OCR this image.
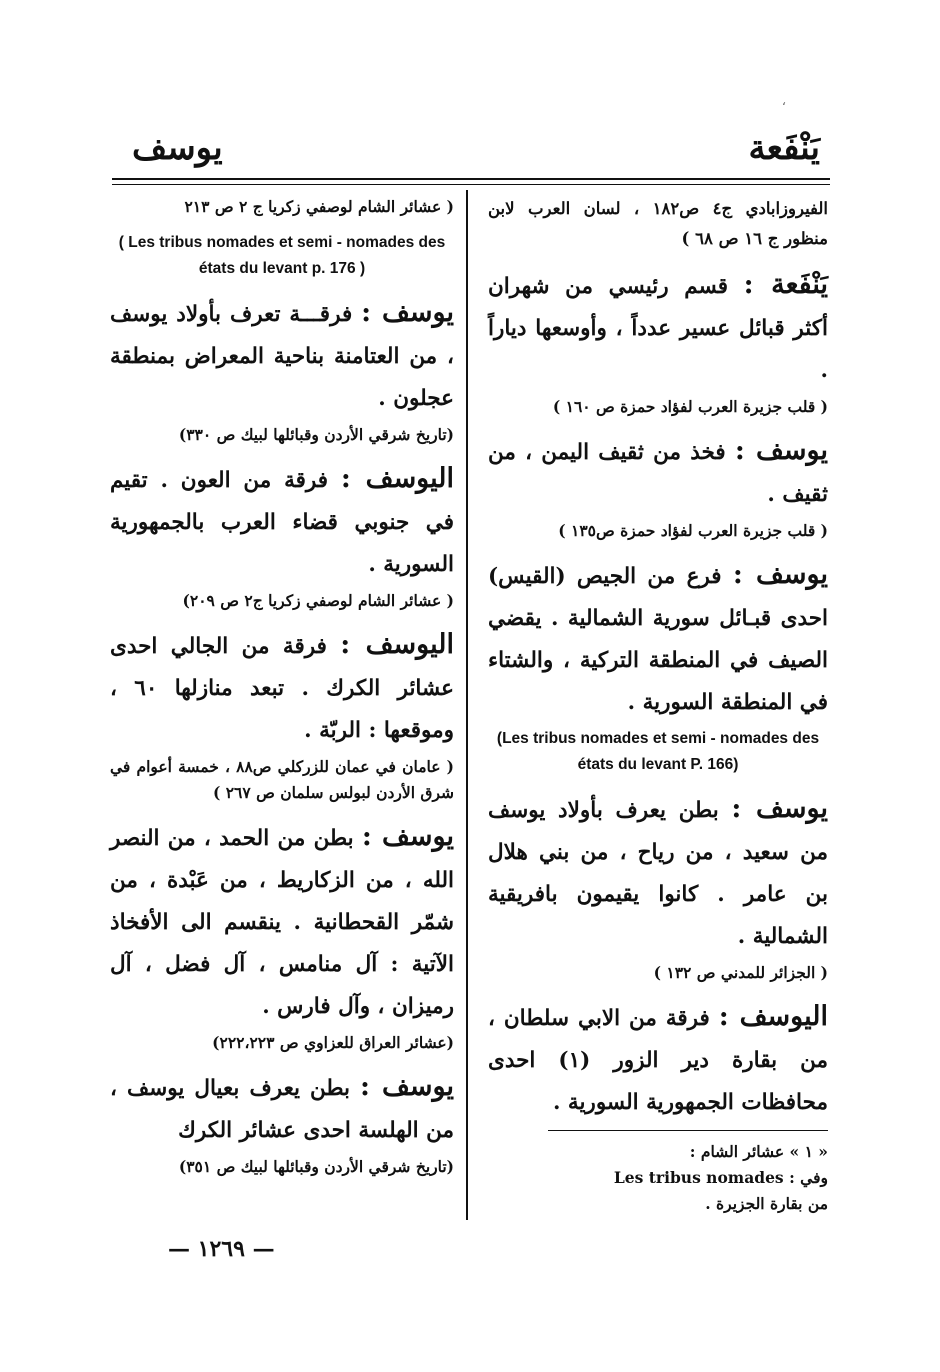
ʻ
يَنْفَعة
يوسف
الفيروزابادي ج٤ ص١٨٢ ، لسان العرب لابن منظور ج ١٦ ص ٦٨ )
يَنْفَعة : قسم رئيسي من شهران أكثر قبائل عسير عدداً ، وأوسعها دياراً .
( قلب جزيرة العرب لفؤاد حمزة ص ١٦٠ )
يوسف : فخذ من ثقيف اليمن ، من ثقيف .
( قلب جزيرة العرب لفؤاد حمزة ص١٣٥ )
يوسف : فرع من الجيص (القيس) احدى قبـائل سورية الشمالية . يقضي الصيف في المنطقة التركية ، والشتاء في المنطقة السورية .
(Les tribus nomades et semi - nomades des états du levant P. 166)
يوسف : بطن يعرف بأولاد يوسف من سعيد ، من رياح ، من بني هلال بن عامر . كانوا يقيمون بافريقية الشمالية .
( الجزائر للمدني ص ١٣٢ )
اليوسف : فرقة من الابي سلطان ، من بقارة دير الزور (١) احدى محافظات الجمهورية السورية .
« ١ » عشائر الشام :
وفي : Les tribus nomades
من بقارة الجزيرة .
( عشائر الشام لوصفي زكريا ج ٢ ص ٢١٣
( Les tribus nomades et semi - nomades des états du levant p. 176 )
يوسف : فرقـــة تعرف بأولاد يوسف ، من العتامنة بناحية المعراض بمنطقة عجلون .
(تاريخ شرقي الأردن وقبائلها لبيك ص ٣٣٠)
اليوسف : فرقة من العون . تقيم في جنوبي قضاء العرب بالجمهورية السورية .
( عشائر الشام لوصفي زكريا ج٢ ص ٢٠٩)
اليوسف : فرقة من الجالي احدى عشائر الكرك . تبعد منازلها ٦٠ ، وموقعها : الربّة .
( عامان في عمان للزركلي ص٨٨ ، خمسة أعوام في شرق الأردن لبولس سلمان ص ٢٦٧ )
يوسف : بطن من الحمد ، من النصر الله ، من الزكاريط ، من عَبْدة ، من شمّر القحطانية . ينقسم الى الأفخاذ الآتية : آل منامس ، آل فضل ، آل رميزان ، وآل فارس .
(عشائر العراق للعزاوي ص ٢٢٢،٢٢٣)
يوسف : بطن يعرف بعيال يوسف ، من الهلسة احدى عشائر الكرك
(تاريخ شرقي الأردن وقبائلها لبيك ص ٣٥١)
— ١٢٦٩ —
